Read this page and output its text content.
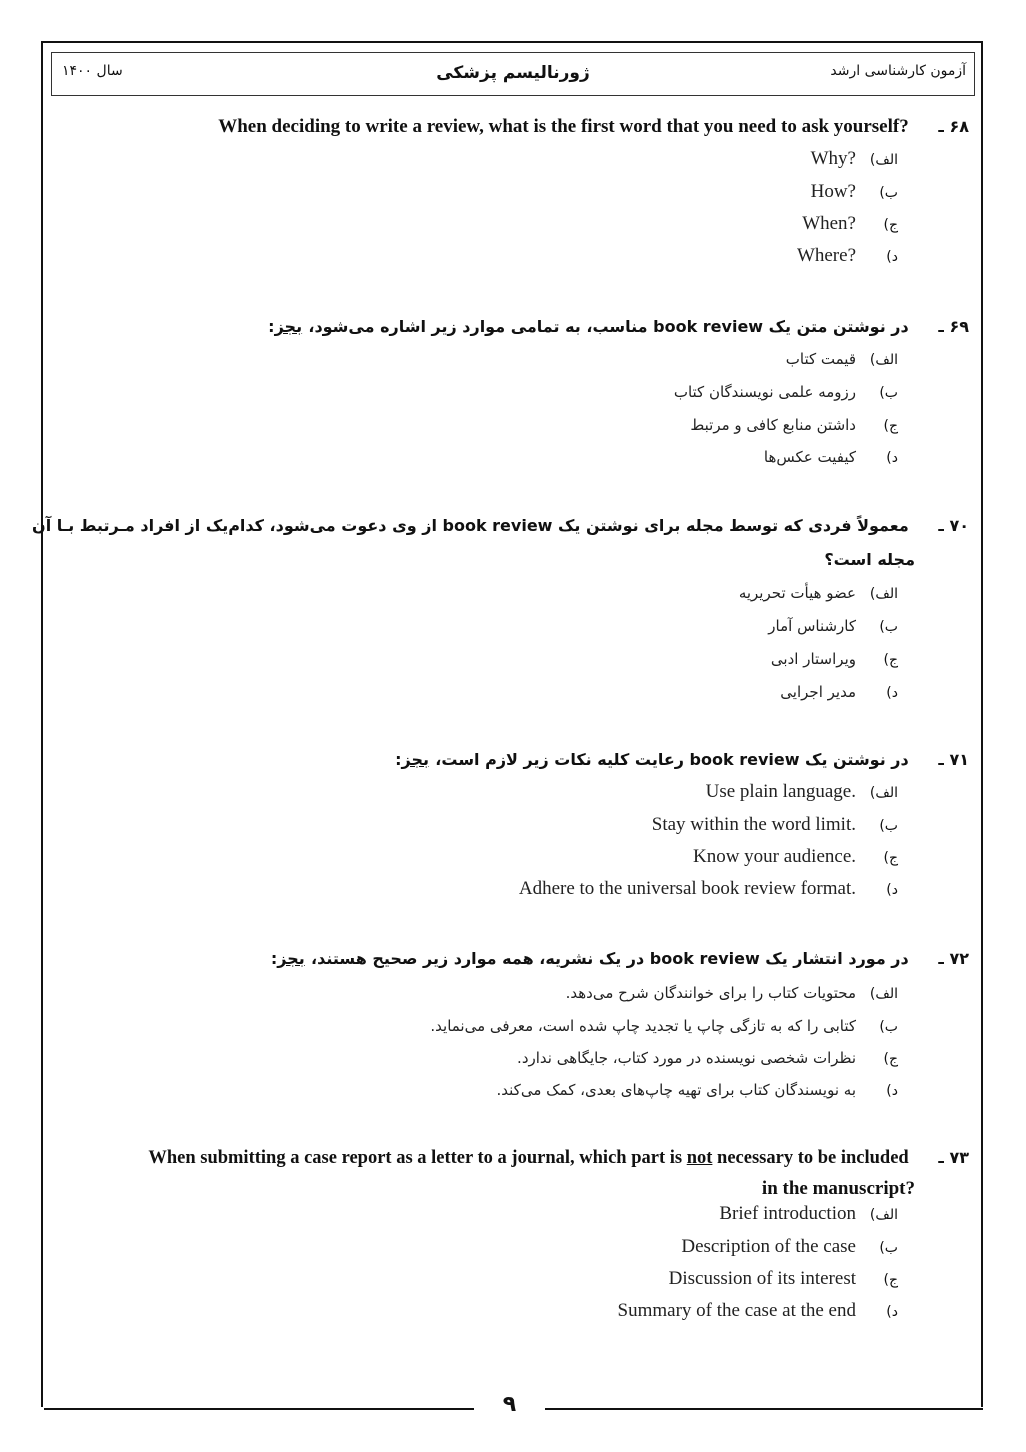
آزمون کارشناسی ارشد
ژورنالیسم پزشکی
سال ۱۴۰۰
۶۸ ـ When deciding to write a review, what is the first word that you need to ask yourself?
الف)Why?
ب)How?
ج)When?
د)Where?
۶۹ ـ در نوشتن متن یک book review مناسب، به تمامی موارد زیر اشاره می‌شود، بجز:
الف)قیمت کتاب
ب)رزومه علمی نویسندگان کتاب
ج)داشتن منابع کافی و مرتبط
د)کیفیت عکس‌ها
۷۰ ـ معمولاً فردی که توسط مجله برای نوشتن یک book review از وی دعوت می‌شود، کدام‌یک از افراد مـرتبط بـا آن
مجله است؟
الف)عضو هیأت تحریریه
ب)کارشناس آمار
ج)ویراستار ادبی
د)مدیر اجرایی
۷۱ ـ در نوشتن یک book review رعایت کلیه نکات زیر لازم است، بجز:
الف)Use plain language.
ب)Stay within the word limit.
ج)Know your audience.
د)Adhere to the universal book review format.
۷۲ ـ در مورد انتشار یک book review در یک نشریه، همه موارد زیر صحیح هستند، بجز:
الف)محتویات کتاب را برای خوانندگان شرح می‌دهد.
ب)کتابی را که به تازگی چاپ یا تجدید چاپ شده است، معرفی می‌نماید.
ج)نظرات شخصی نویسنده در مورد کتاب، جایگاهی ندارد.
د)به نویسندگان کتاب برای تهیه چاپ‌های بعدی، کمک می‌کند.
۷۳ ـ When submitting a case report as a letter to a journal, which part is not necessary to be included
in the manuscript?
الف)Brief introduction
ب)Description of the case
ج)Discussion of its interest
د)Summary of the case at the end
۹
